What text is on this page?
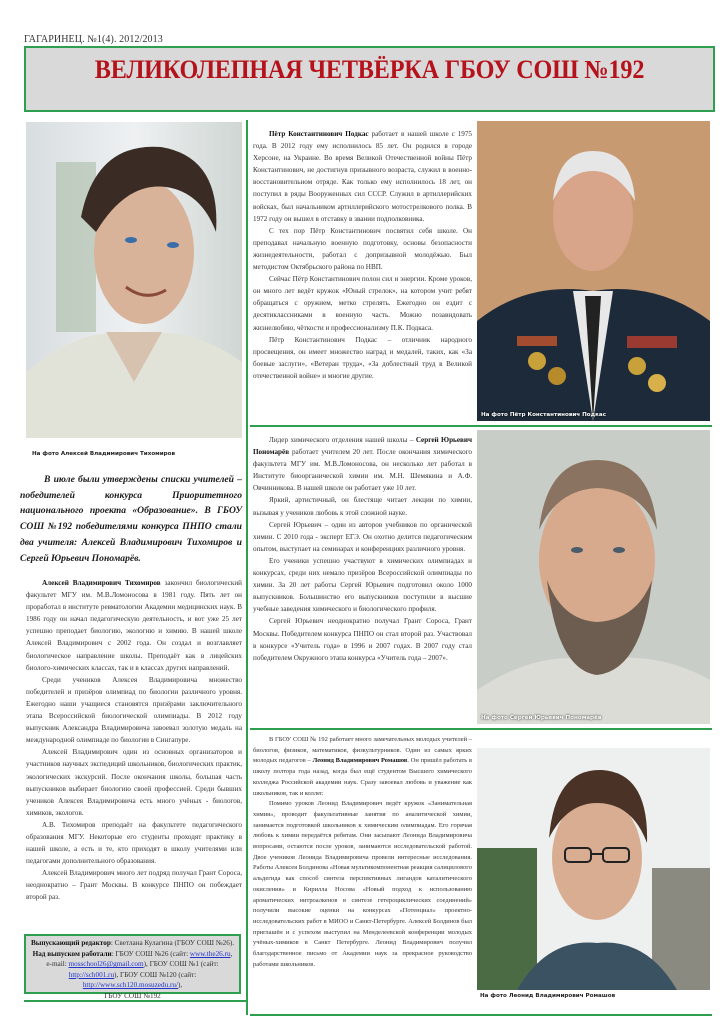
ГАГАРИНЕЦ. №1(4). 2012/2013
ВЕЛИКОЛЕПНАЯ ЧЕТВЁРКА ГБОУ СОШ №192
На фото Алексей Владимирович Тихомиров
В июле были утверждены списки учителей – победителей конкурса Приоритетного национального проекта «Образование». В ГБОУ СОШ №192 победителями конкурса ПНПО стали два учителя: Алексей Владимирович Тихомиров и Сергей Юрьевич Пономарёв.

Алексей Владимирович Тихомиров закончил биологический факультет МГУ им. М.В.Ломоносова в 1981 году. Пять лет он проработал в институте ревматологии Академии медицинских наук. В 1986 году он начал педагогическую деятельность, и вот уже 25 лет успешно преподает биологию, экологию и химию. В нашей школе Алексей Владимирович с 2002 года. Он создал и возглавляет биологическое направление школы. Преподаёт как в лицейских биолого-химических классах, так и в классах других направлений.

Среди учеников Алексея Владимировича множество победителей и призёров олимпиад по биологии различного уровня. Ежегодно наши учащиеся становятся призёрами заключительного этапа Всероссийской биологической олимпиады. В 2012 году выпускник Александра Владимировича завоевал золотую медаль на международной олимпиаде по биологии в Сингапуре.

Алексей Владимирович один из основных организаторов и участников научных экспедиций школьников, биологических практик, экологических экскурсий. После окончания школы, большая часть выпускников выбирает биологию своей профессией. Среди бывших учеников Алексея Владимировича есть много учёных - биологов, химиков, экологов.

А.В. Тихомиров преподаёт на факультете педагогического образования МГУ. Некоторые его студенты проходят практику в нашей школе, а есть и те, кто приходят в школу учителями или педагогами дополнительного образования.

Алексей Владимирович много лет подряд получал Грант Сороса, неоднократно – Грант Москвы. В конкурсе ПНПО он побеждает второй раз.

Выпускающий редактор: Светлана Кулагина (ГБОУ СОШ №26). Над выпуском работали: ГБОУ СОШ №26 (сайт: www.the26.ru, e-mail: mosschool26@gmail.com), ГБОУ СОШ №1 (сайт: http://sch001.ru), ГБОУ СОШ №120 (сайт: http://www.sch120.mosuzedu.ru/),
ГБОУ СОШ №192

Пётр Константинович Подкас работает в нашей школе с 1975 года. В 2012 году ему исполнилось 85 лет. Он родился в городе Херсоне, на Украине. Во время Великой Отечественной войны Пётр Константинович, не достигнув призывного возраста, служил в военно-восстановительном отряде. Как только ему исполнилось 18 лет, он поступил в ряды Вооруженных сил СССР. Служил в артиллерийских войсках, был начальником артиллерийского мотострелкового полка. В 1972 году он вышел в отставку в звании подполковника.

С тех пор Пётр Константинович посвятил себя школе. Он преподавал начальную военную подготовку, основы безопасности жизнедеятельности, работал с допризывной молодёжью. Был методистом Октябрьского района по НВП.

Сейчас Пётр Константинович полон сил и энергии. Кроме уроков, он много лет ведёт кружок «Юный стрелок», на котором учит ребят обращаться с оружием, метко стрелять. Ежегодно он ездит с десятиклассниками в военную часть. Можно позавидовать жизнелюбию, чёткости и профессионализму П.К. Подкаса.

Пётр Константинович Подкас – отличник народного просвещения, он имеет множество наград и медалей, таких, как «За боевые заслуги», «Ветеран труда», «За доблестный труд в Великой отечественной войне» и многие другие.

На фото Пётр Константинович Подкас

Лидер химического отделения нашей школы – Сергей Юрьевич Пономарёв работает учителем 20 лет. После окончания химического факультета МГУ им. М.В.Ломоносова, он несколько лет работал в Институте биоорганической химии им. М.Н. Шемякина и А.Ф. Овчинникова. В нашей школе он работает уже 10 лет.

Яркий, артистичный, он блестяще читает лекции по химии, вызывая у учеников любовь к этой сложной науке.

Сергей Юрьевич – один из авторов учебников по органической химии. С 2010 года - эксперт ЕГЭ. Он охотно делится педагогическим опытом, выступает на семинарах и конференциях различного уровня.

Его ученики успешно участвуют в химических олимпиадах и конкурсах, среди них немало призёров Всероссийской олимпиады по химии. За 20 лет работы Сергей Юрьевич подготовил около 1000 выпускников. Большинство его выпускников поступили в высшие учебные заведения химического и биологического профиля.

Сергей Юрьевич неоднократно получал Грант Сороса, Грант Москвы. Победителем конкурса ПНПО он стал второй раз. Участвовал в конкурсе «Учитель года» в 1996 и 2007 годах. В 2007 году стал победителем Окружного этапа конкурса «Учитель года – 2007».

На фото Сергей Юрьевич Пономарёв

В ГБОУ СОШ № 192 работает много замечательных молодых учителей – биологов, физиков, математиков, физкультурников. Один из самых ярких молодых педагогов – Леонид Владимирович Ромашов. Он пришёл работать в школу полтора года назад, когда был ещё студентом Высшего химического колледжа Российской академии наук. Сразу завоевал любовь и уважение как школьников, так и коллег.

Помимо уроков Леонид Владимирович ведёт кружок «Занимательная химия», проводит факультативные занятия по аналитической химии, занимается подготовкой школьников к химическим олимпиадам. Его горячая любовь к химии передаётся ребятам. Они засыпают Леонида Владимировича вопросами, остаются после уроков, занимаются исследовательской работой. Двое учеников Леонида Владимировича провели интересные исследования. Работы Алексея Болдинова «Новая мультикомпонентная реакция салицилового альдегида как способ синтеза перспективных лигандов каталитического окисления» и Кирилла Носова «Новый подход к использованию ароматических нитроалкенов в синтезе гетероциклических соединений» получили высокие оценки на конкурсах «Потенциал» проектно-исследовательских работ в МИОО и Санкт-Петербурге. Алексей Болдинов был приглашён и с успехом выступил на Менделеевской конференции молодых учёных-химиков в Санкт Петербурге. Леонид Владимирович получил благодарственное письмо от Академии наук за прекрасное руководство работами школьников.

На фото Леонид Владимирович Ромашов
